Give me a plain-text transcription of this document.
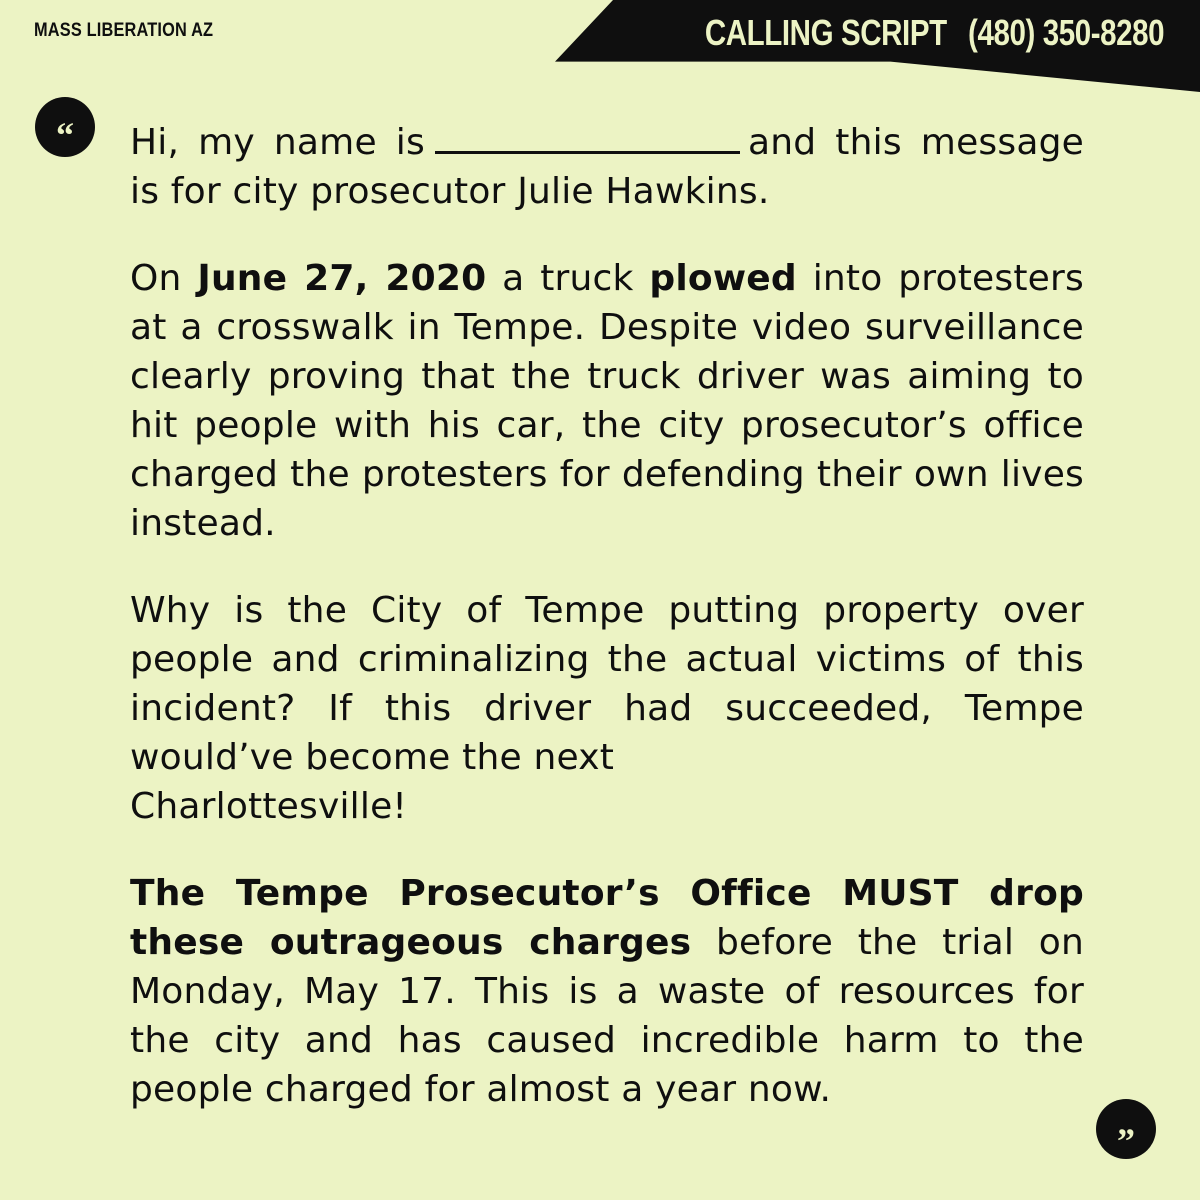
MASS LIBERATION AZ	CALLING SCRIPT (480) 350-8280
“	Hi, my name is	and this message is for city prosecutor Julie Hawkins.

On June 27, 2020 a truck plowed into protesters at a crosswalk in Tempe. Despite video surveillance clearly proving that the truck driver was aiming to hit people with his car, the city prosecutor’s office charged the protesters for defending their own lives instead.

Why is the City of Tempe putting property over people and criminalizing the actual victims of this incident? If this driver had succeeded, Tempe would’ve become the next
Charlottesville!

The Tempe Prosecutor’s Office MUST drop these outrageous charges before the trial on Monday, May 17. This is a waste of resources for the city and has caused incredible harm to the people charged for almost a year now.

”
